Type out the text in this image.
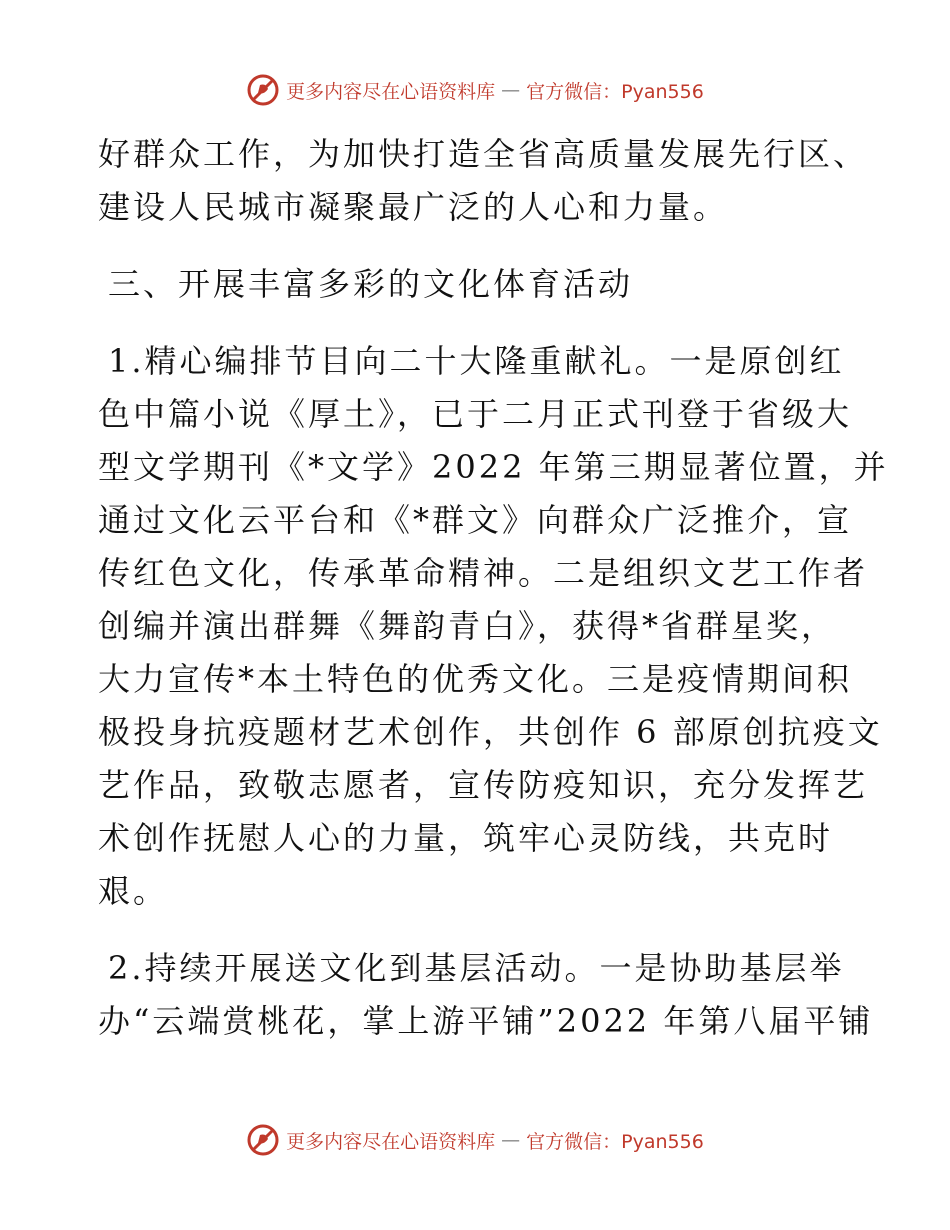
更多内容尽在心语资料库 — 官方微信：Pyan556
好群众工作，为加快打造全省高质量发展先行区、
建设人民城市凝聚最广泛的人心和力量。
三、开展丰富多彩的文化体育活动
1.精心编排节目向二十大隆重献礼。一是原创红
色中篇小说《厚土》，已于二月正式刊登于省级大
型文学期刊《*文学》2022 年第三期显著位置，并
通过文化云平台和《*群文》向群众广泛推介，宣
传红色文化，传承革命精神。二是组织文艺工作者
创编并演出群舞《舞韵青白》，获得*省群星奖，
大力宣传*本土特色的优秀文化。三是疫情期间积
极投身抗疫题材艺术创作，共创作 6 部原创抗疫文
艺作品，致敬志愿者，宣传防疫知识，充分发挥艺
术创作抚慰人心的力量，筑牢心灵防线，共克时
艰。
2.持续开展送文化到基层活动。一是协助基层举
办“云端赏桃花，掌上游平铺”2022 年第八届平铺
更多内容尽在心语资料库 — 官方微信：Pyan556
